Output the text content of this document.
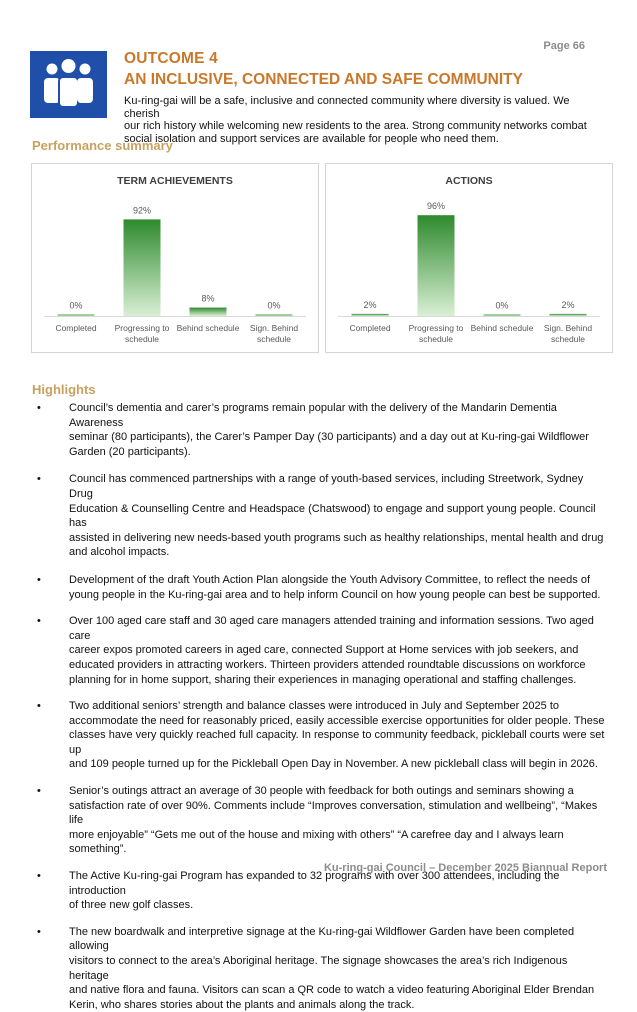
Page 66
OUTCOME 4
AN INCLUSIVE, CONNECTED AND SAFE COMMUNITY
Ku-ring-gai will be a safe, inclusive and connected community where diversity is valued. We cherish
our rich history while welcoming new residents to the area. Strong community networks combat
social isolation and support services are available for people who need them.
Performance summary
TERM ACHIEVEMENTS
0%
Completed
92%
Progressing to
schedule
8%
Behind schedule
0%
Sign. Behind
schedule
ACTIONS
2%
Completed
96%
Progressing to
schedule
0%
Behind schedule
2%
Sign. Behind
schedule
Highlights
• Council’s dementia and carer’s programs remain popular with the delivery of the Mandarin Dementia Awareness
seminar (80 participants), the Carer’s Pamper Day (30 participants) and a day out at Ku-ring-gai Wildflower
Garden (20 participants).
• Council has commenced partnerships with a range of youth-based services, including Streetwork, Sydney Drug
Education & Counselling Centre and Headspace (Chatswood) to engage and support young people. Council has
assisted in delivering new needs-based youth programs such as healthy relationships, mental health and drug
and alcohol impacts.
• Development of the draft Youth Action Plan alongside the Youth Advisory Committee, to reflect the needs of
young people in the Ku-ring-gai area and to help inform Council on how young people can best be supported.
• Over 100 aged care staff and 30 aged care managers attended training and information sessions. Two aged care
career expos promoted careers in aged care, connected Support at Home services with job seekers, and
educated providers in attracting workers. Thirteen providers attended roundtable discussions on workforce
planning for in home support, sharing their experiences in managing operational and staffing challenges.
• Two additional seniors’ strength and balance classes were introduced in July and September 2025 to
accommodate the need for reasonably priced, easily accessible exercise opportunities for older people. These
classes have very quickly reached full capacity. In response to community feedback, pickleball courts were set up
and 109 people turned up for the Pickleball Open Day in November. A new pickleball class will begin in 2026.
• Senior’s outings attract an average of 30 people with feedback for both outings and seminars showing a
satisfaction rate of over 90%. Comments include “Improves conversation, stimulation and wellbeing”, “Makes life
more enjoyable” “Gets me out of the house and mixing with others” “A carefree day and I always learn
something”.
• The Active Ku-ring-gai Program has expanded to 32 programs with over 300 attendees, including the introduction
of three new golf classes.
• The new boardwalk and interpretive signage at the Ku-ring-gai Wildflower Garden have been completed allowing
visitors to connect to the area’s Aboriginal heritage. The signage showcases the area’s rich Indigenous heritage
and native flora and fauna. Visitors can scan a QR code to watch a video featuring Aboriginal Elder Brendan
Kerin, who shares stories about the plants and animals along the track.
Ku-ring-gai Council – December 2025 Biannual Report
